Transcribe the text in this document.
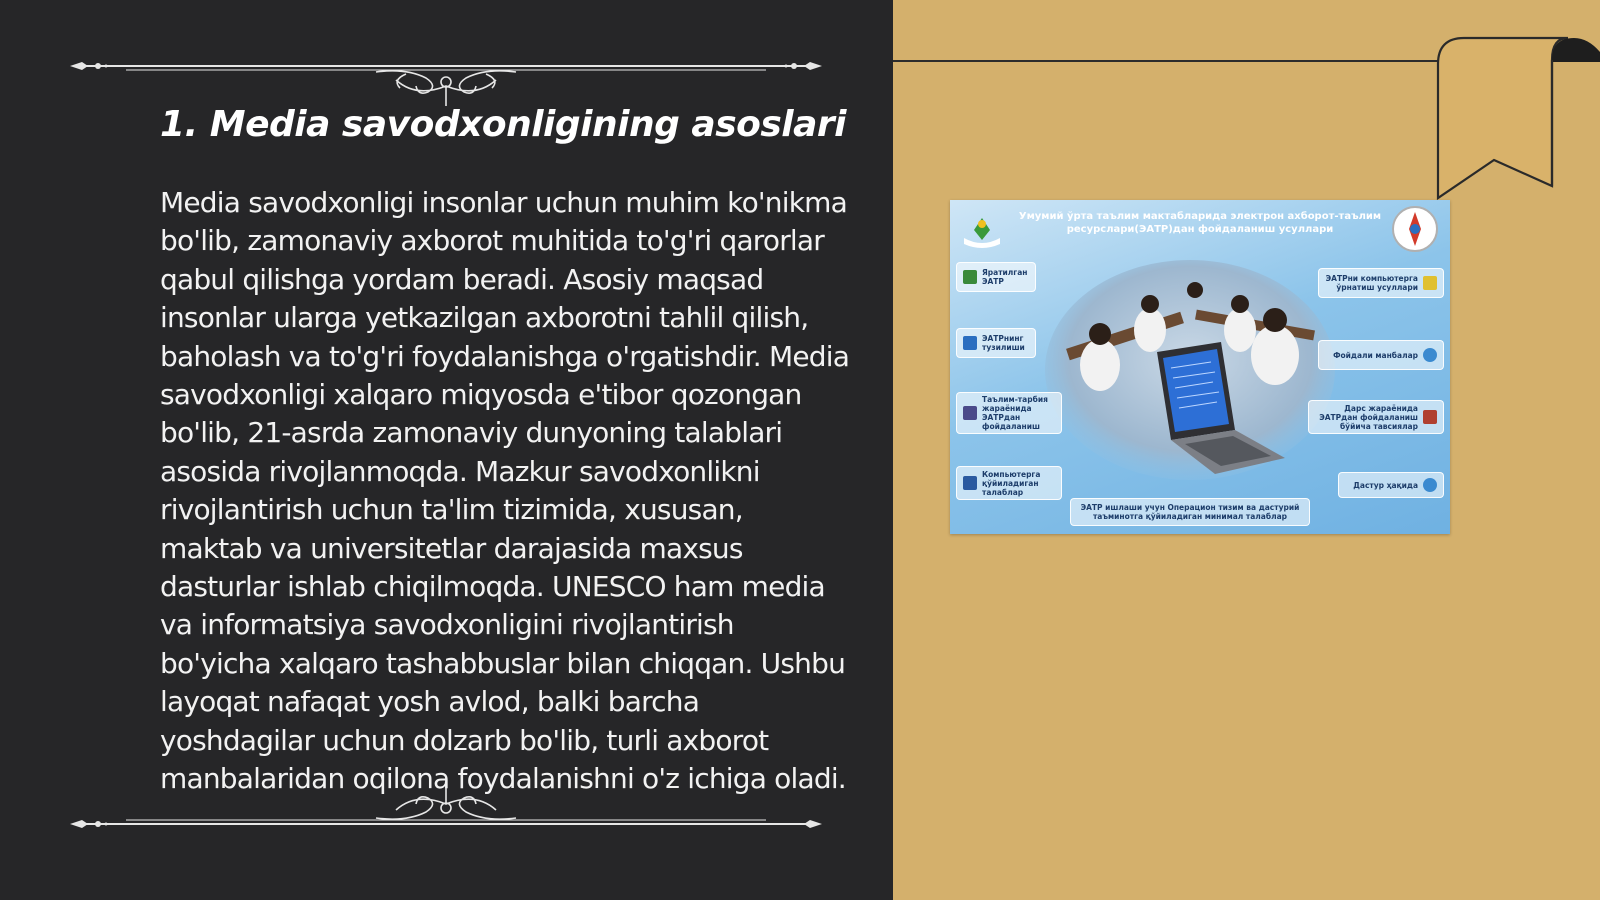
1. Media savodxonligining asoslari

Media savodxonligi insonlar uchun muhim ko'nikma bo'lib, zamonaviy axborot muhitida to'g'ri qarorlar qabul qilishga yordam beradi. Asosiy maqsad insonlar ularga yetkazilgan axborotni tahlil qilish, baholash va to'g'ri foydalanishga o'rgatishdir. Media savodxonligi xalqaro miqyosda e'tibor qozongan bo'lib, 21-asrda zamonaviy dunyoning talablari asosida rivojlanmoqda. Mazkur savodxonlikni rivojlantirish uchun ta'lim tizimida, xususan, maktab va universitetlar darajasida maxsus dasturlar ishlab chiqilmoqda. UNESCO ham media va informatsiya savodxonligini rivojlantirish bo'yicha xalqaro tashabbuslar bilan chiqqan. Ushbu layoqat nafaqat yosh avlod, balki barcha yoshdagilar uchun dolzarb bo'lib, turli axborot manbalaridan oqilona foydalanishni o'z ichiga oladi.

Умумий ўрта таълим мактабларида электрон ахборот-таълим ресурслари(ЭАТР)дан фойдаланиш усуллари
Яратилган
ЭАТР
ЭАТРнинг
тузилиши
Таълим-тарбия
жараёнида
ЭАТРдан
фойдаланиш
Компьютерга
қўйиладиган
талаблар
ЭАТРни компьютерга
ўрнатиш усуллари
Фойдали манбалар
Дарс жараёнида
ЭАТРдан фойдаланиш
бўйича тавсиялар
Дастур ҳақида
ЭАТР ишлаши учун Операцион тизим ва дастурий таъминотга қўйиладиган минимал талаблар
